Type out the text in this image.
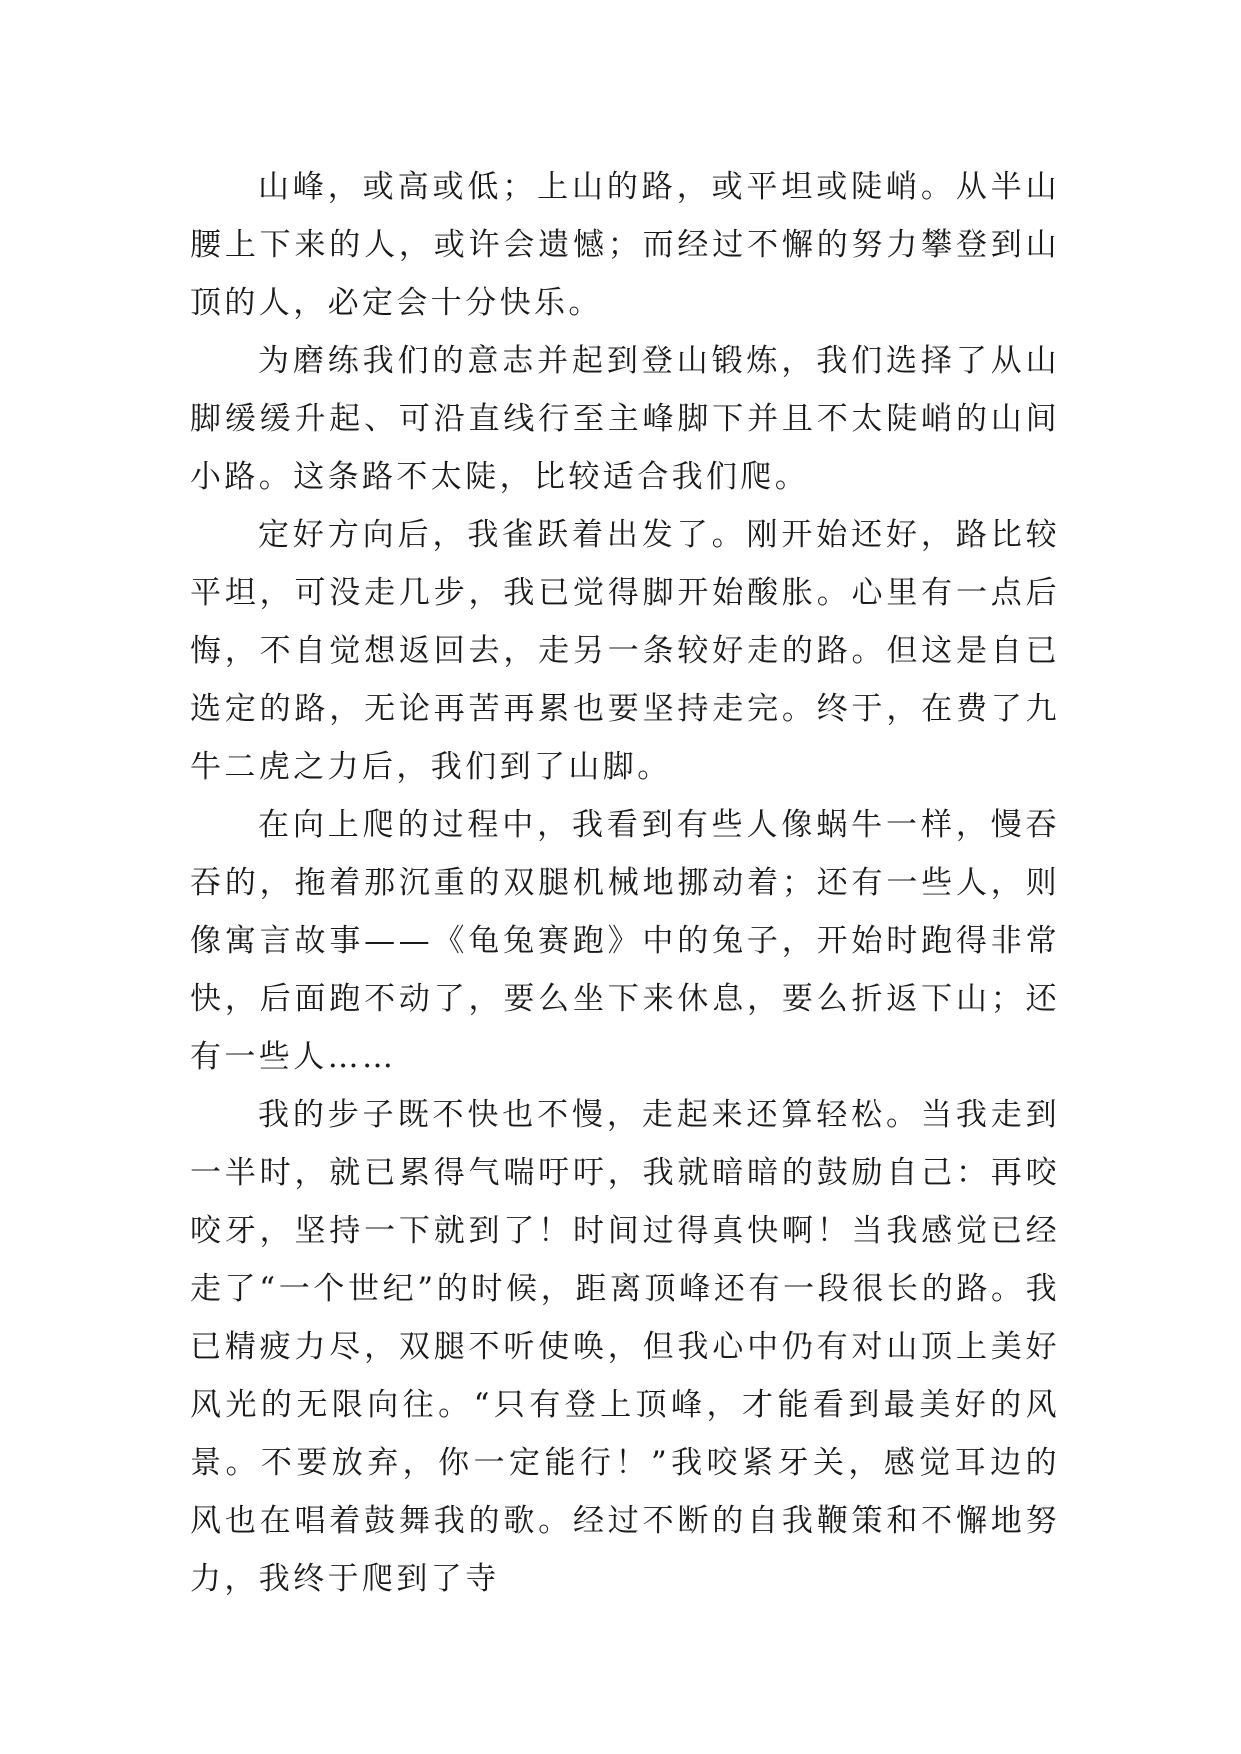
山峰，或高或低；上山的路，或平坦或陡峭。从半山腰上下来的人，或许会遗憾；而经过不懈的努力攀登到山顶的人，必定会十分快乐。

为磨练我们的意志并起到登山锻炼，我们选择了从山脚缓缓升起、可沿直线行至主峰脚下并且不太陡峭的山间小路。这条路不太陡，比较适合我们爬。

定好方向后，我雀跃着出发了。刚开始还好，路比较平坦，可没走几步，我已觉得脚开始酸胀。心里有一点后悔，不自觉想返回去，走另一条较好走的路。但这是自已选定的路，无论再苦再累也要坚持走完。终于，在费了九牛二虎之力后，我们到了山脚。

在向上爬的过程中，我看到有些人像蜗牛一样，慢吞吞的，拖着那沉重的双腿机械地挪动着；还有一些人，则像寓言故事——《龟兔赛跑》中的兔子，开始时跑得非常快，后面跑不动了，要么坐下来休息，要么折返下山；还有一些人……

我的步子既不快也不慢，走起来还算轻松。当我走到一半时，就已累得气喘吁吁，我就暗暗的鼓励自己：再咬咬牙，坚持一下就到了！时间过得真快啊！当我感觉已经走了“一个世纪”的时候，距离顶峰还有一段很长的路。我已精疲力尽，双腿不听使唤，但我心中仍有对山顶上美好风光的无限向往。“只有登上顶峰，才能看到最美好的风景。不要放弃，你一定能行！”我咬紧牙关，感觉耳边的风也在唱着鼓舞我的歌。经过不断的自我鞭策和不懈地努力，我终于爬到了寺
